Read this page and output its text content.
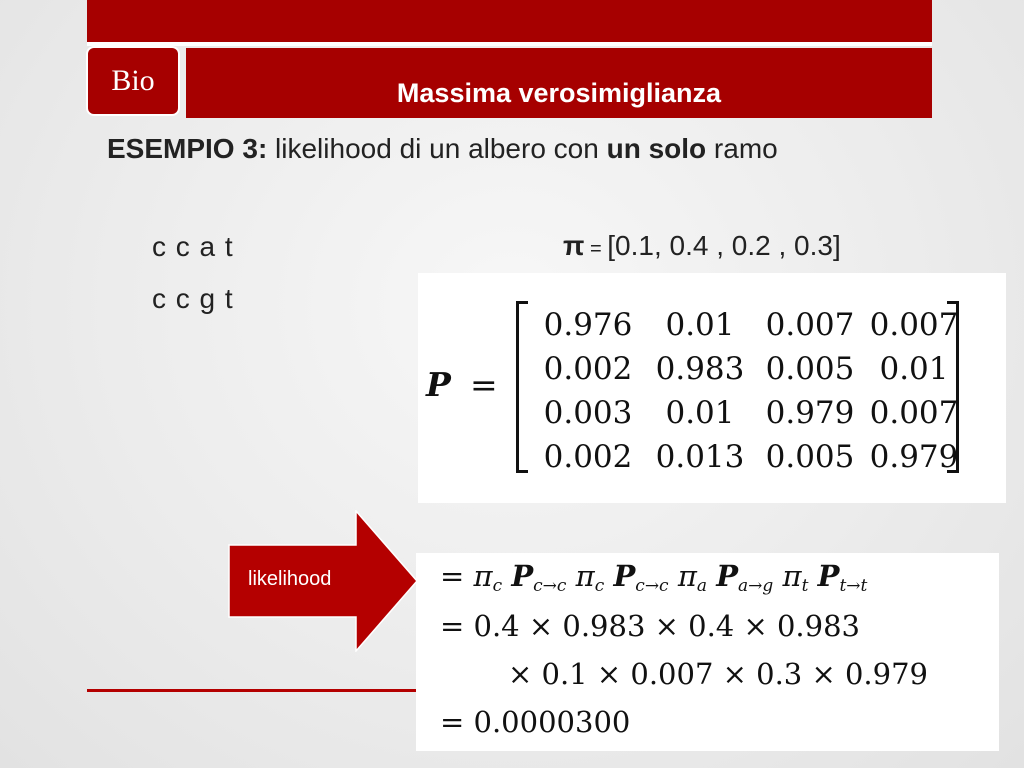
Bio	Massima verosimiglianza
ESEMPIO 3: likelihood di un albero con un solo ramo
c c a t
c c g t
π = [0.1, 0.4 , 0.2 , 0.3]
P =
0.976	0.01	0.007 0.007
0.002 0.983 0.005 0.01
0.003	0.01	0.979 0.007
0.002 0.013 0.005 0.979
likelihood	= $\pi_c$ $P_{c\to c}$ $\pi_c$ $P_{c\to c}$ $\pi_a$ $P_{a\to g}$ $\pi_t$ $P_{t\to t}$
= 0.4 × 0.983 × 0.4 × 0.983
× 0.1 × 0.007 × 0.3 × 0.979
= 0.0000300
